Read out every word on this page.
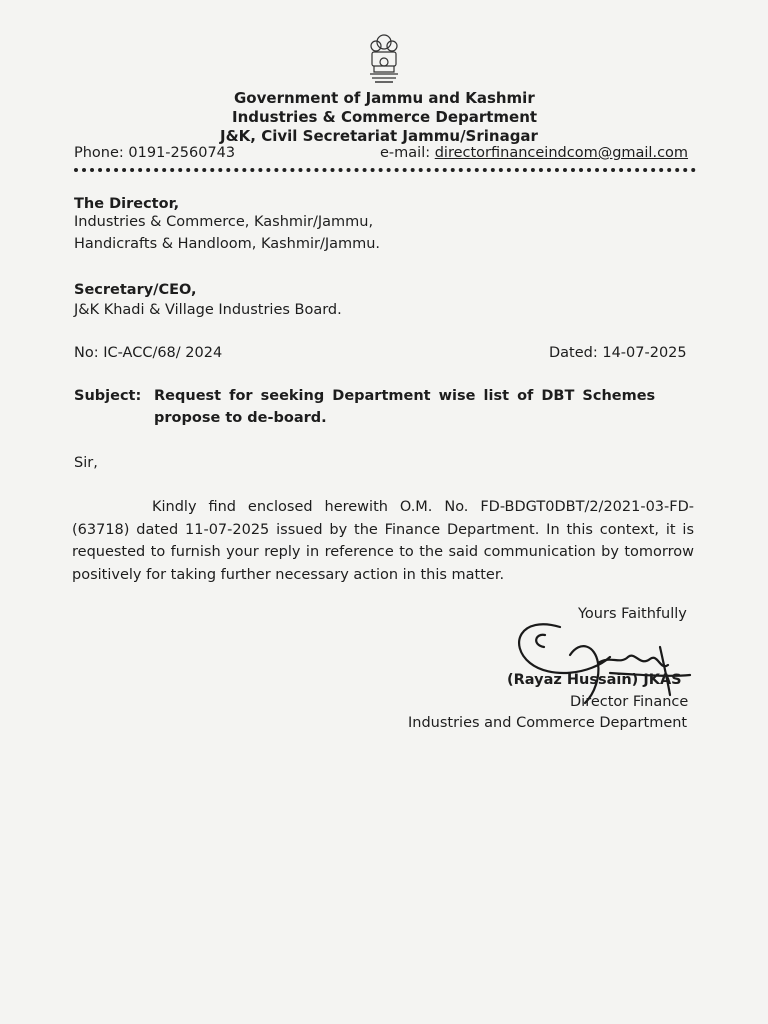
Government of Jammu and Kashmir
Industries & Commerce Department
J&K, Civil Secretariat Jammu/Srinagar
Phone: 0191-2560743	e-mail: directorfinanceindcom@gmail.com
The Director,
Industries & Commerce, Kashmir/Jammu,
Handicrafts & Handloom, Kashmir/Jammu.
Secretary/CEO,
J&K Khadi & Village Industries Board.
No: IC-ACC/68/ 2024	Dated: 14-07-2025
Subject: Request for seeking Department wise list of DBT Schemes
propose to de-board.
Sir,
Kindly find enclosed herewith O.M. No. FD-BDGT0DBT/2/2021-03-FD-(63718) dated 11-07-2025 issued by the Finance Department. In this context, it is requested to furnish your reply in reference to the said communication by tomorrow positively for taking further necessary action in this matter.
Yours Faithfully
(Rayaz Hussain) JKAS
Director Finance
Industries and Commerce Department
